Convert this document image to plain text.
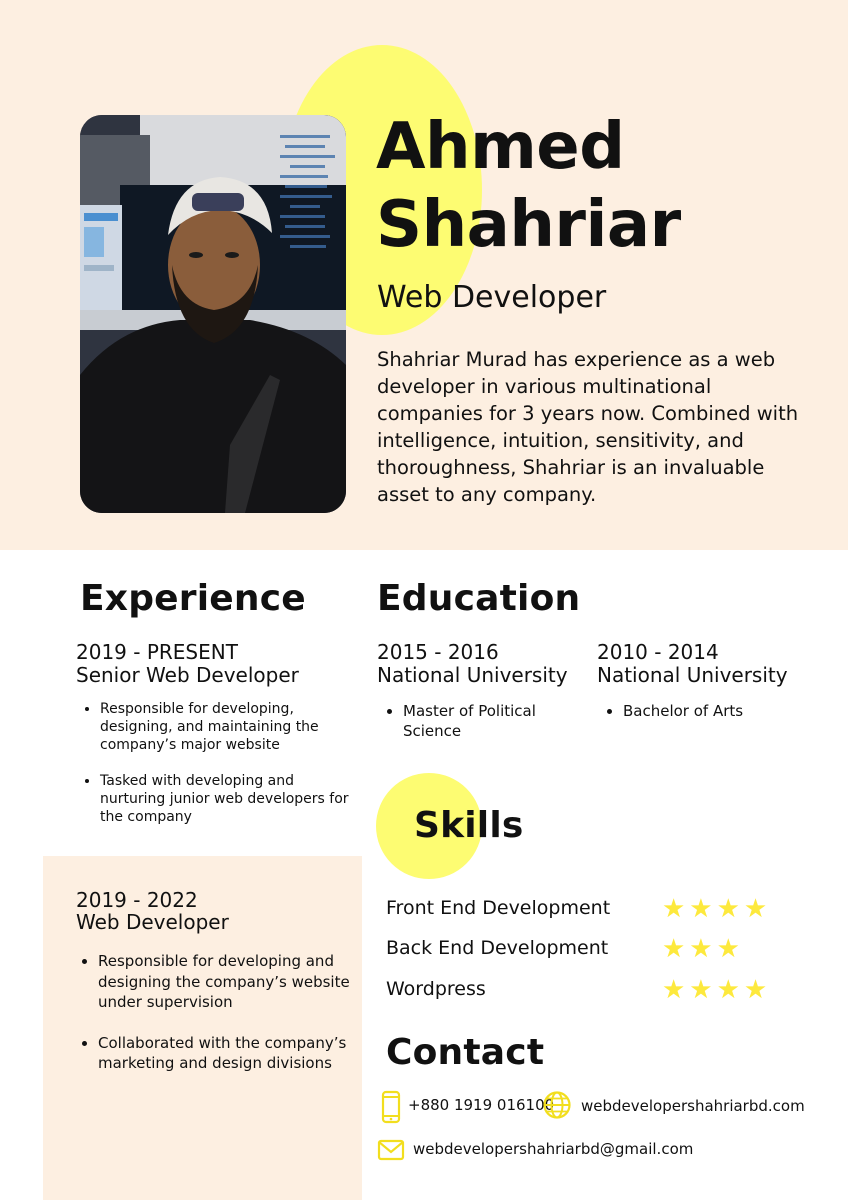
Ahmed
Shahriar
Web Developer
Shahriar Murad has experience as a web developer in various multinational companies for 3 years now. Combined with intelligence, intuition, sensitivity, and thoroughness, Shahriar is an invaluable asset to any company.
Experience
2019 - PRESENT
Senior Web Developer
• Responsible for developing, designing, and maintaining the company’s major website
• Tasked with developing and nurturing junior web developers for the company
2019 - 2022
Web Developer
• Responsible for developing and designing the company’s website under supervision
• Collaborated with the company’s marketing and design divisions
Education
2015 - 2016
National University
• Master of Political Science
2010 - 2014
National University
• Bachelor of Arts
Skills
Front End Development ★★★★
Back End Development ★★★
Wordpress	★★★★
Contact
+880 1919 016100 webdevelopershahriarbd.com
webdevelopershahriarbd@gmail.com
